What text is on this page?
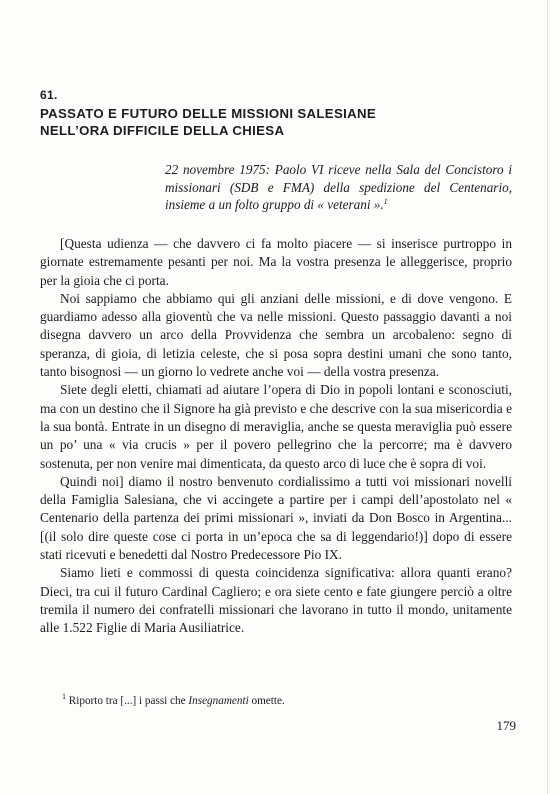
61.
PASSATO E FUTURO DELLE MISSIONI SALESIANE
NELL’ORA DIFFICILE DELLA CHIESA
22 novembre 1975: Paolo VI riceve nella Sala del Concistoro i missionari (SDB e FMA) della spedizione del Centenario, insieme a un folto gruppo di « veterani ».$^1$

[Questa udienza — che davvero ci fa molto piacere — si inserisce purtroppo in giornate estremamente pesanti per noi. Ma la vostra presenza le alleggerisce, proprio per la gioia che ci porta.

Noi sappiamo che abbiamo qui gli anziani delle missioni, e di dove vengono. E guardiamo adesso alla gioventù che va nelle missioni. Questo passaggio davanti a noi disegna davvero un arco della Provvidenza che sembra un arcobaleno: segno di speranza, di gioia, di letizia celeste, che si posa sopra destini umani che sono tanto, tanto bisognosi — un giorno lo vedrete anche voi — della vostra presenza.

Siete degli eletti, chiamati ad aiutare l’opera di Dio in popoli lontani e sconosciuti, ma con un destino che il Signore ha già previsto e che descrive con la sua misericordia e la sua bontà. Entrate in un disegno di meraviglia, anche se questa meraviglia può essere un po’ una « via crucis » per il povero pellegrino che la percorre; ma è davvero sostenuta, per non venire mai dimenticata, da questo arco di luce che è sopra di voi.

Quindi noi] diamo il nostro benvenuto cordialissimo a tutti voi missionari novelli della Famiglia Salesiana, che vi accingete a partire per i campi dell’apostolato nel « Centenario della partenza dei primi missionari », inviati da Don Bosco in Argentina... [(il solo dire queste cose ci porta in un’epoca che sa di leggendario!)] dopo di essere stati ricevuti e benedetti dal Nostro Predecessore Pio IX.

Siamo lieti e commossi di questa coincidenza significativa: allora quanti erano? Dieci, tra cui il futuro Cardinal Cagliero; e ora siete cento e fate giungere perciò a oltre tremila il numero dei confratelli missionari che lavorano in tutto il mondo, unitamente alle 1.522 Figlie di Maria Ausiliatrice.

$^1$ Riporto tra [...] i passi che Insegnamenti omette.
179
